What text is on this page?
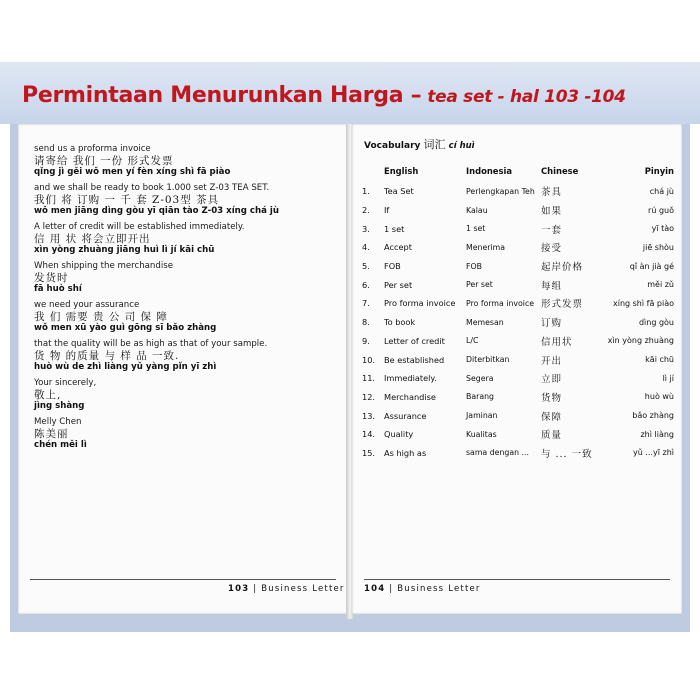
Permintaan Menurunkan Harga – tea set - hal 103 -104
send us a proforma invoice
请寄给 我们 一份 形式发票
qǐng jì gěi wǒ men yí fèn xíng shì fā piào
and we shall be ready to book 1.000 set Z-03 TEA SET.
我们 将 订购 一 千 套 Z-03型 茶具
wǒ men jiāng dìng gòu yī qiān tào Z-03 xíng chá jù
A letter of credit will be established immediately.
信 用 状 将会立即开出
xìn yòng zhuàng jiāng huì lì jí kāi chū
When shipping the merchandise
发货时
fā huò shí
we need your assurance
我 们 需要 贵 公 司 保 障
wǒ men xū yào guì gōng sī bǎo zhàng
that the quality will be as high as that of your sample.
货 物 的质量 与 样 品 一致.
huò wù de zhì liàng yǔ yàng pǐn yī zhì
Your sincerely,
敬上,
jìng shàng
Melly Chen
陈美丽
chén měi lì
103 | Business Letter
Vocabulary 词汇 cí huì
	English	Indonesia	Chinese	Pinyin
1.	Tea Set	Perlengkapan Teh	茶具	chá jù
2.	If	Kalau	如果	rú guǒ
3.	1 set	1 set	一套	yī tào
4.	Accept	Menerima	接受	jiē shòu
5.	FOB	FOB	起岸价格	qǐ àn jià gé
6.	Per set	Per set	每组	měi zǔ
7.	Pro forma invoice	Pro forma invoice	形式发票	xíng shì fā piào
8.	To book	Memesan	订购	dìng gòu
9.	Letter of credit	L/C	信用状	xìn yòng zhuàng
10.	Be established	Diterbitkan	开出	kāi chū
11.	Immediately.	Segera	立即	lì jí
12.	Merchandise	Barang	货物	huò wù
13.	Assurance	Jaminan	保障	bǎo zhàng
14.	Quality	Kualitas	质量	zhì liàng
15.	As high as	sama dengan ...	与 ... 一致	yǔ ...yī zhì
104 | Business Letter
